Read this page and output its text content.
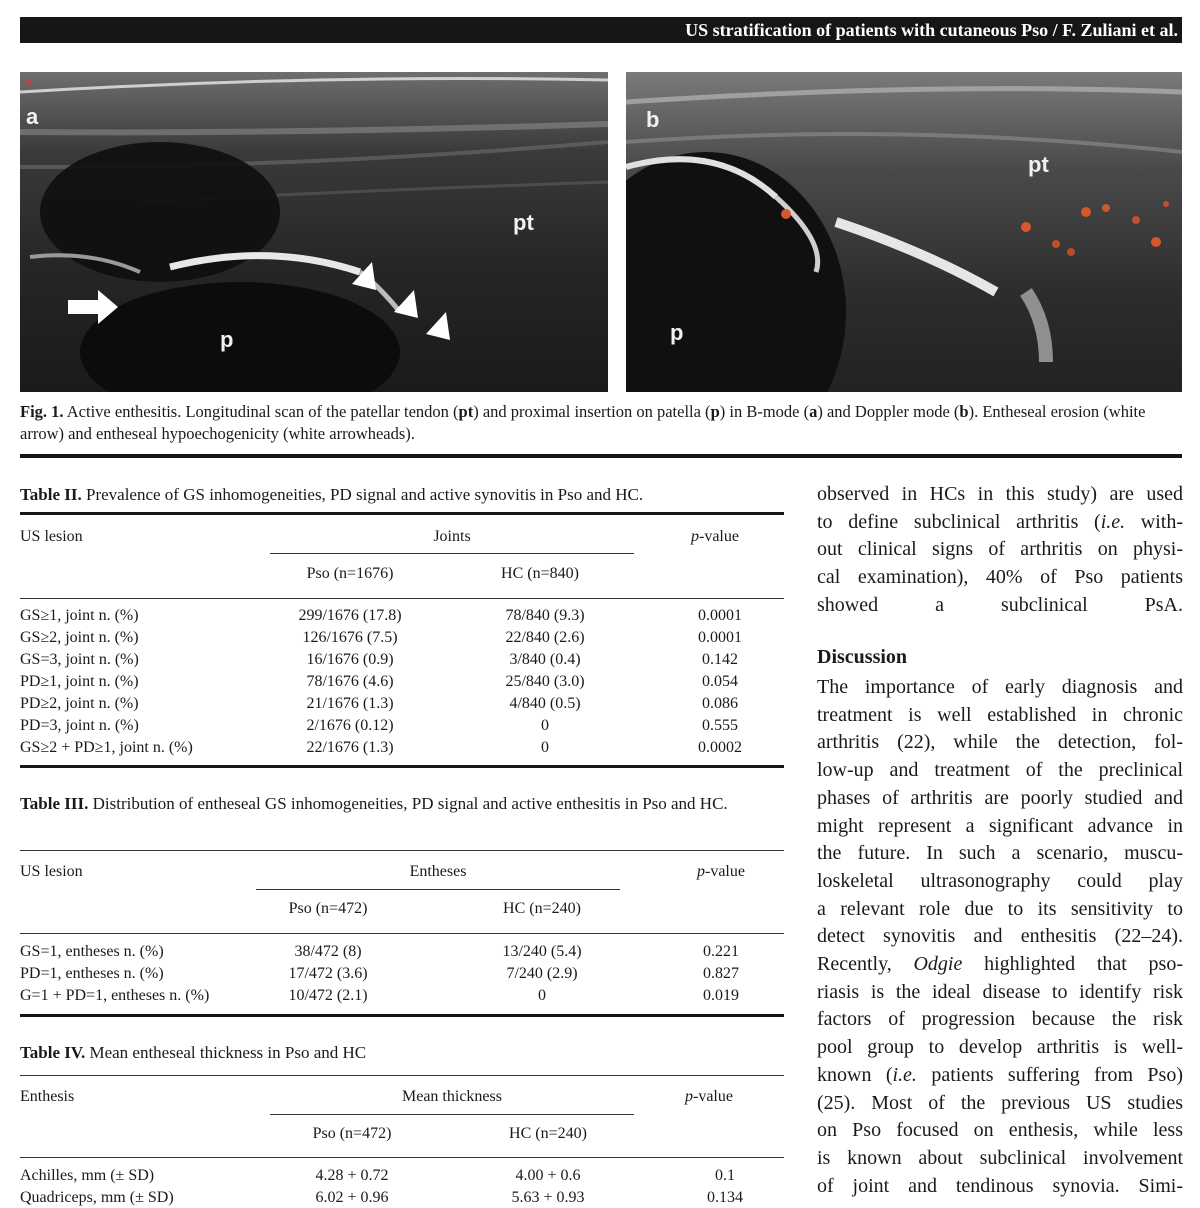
US stratification of patients with cutaneous Pso / F. Zuliani et al.
e
a
pt
p
b
pt
p
Fig. 1. Active enthesitis. Longitudinal scan of the patellar tendon (pt) and proximal insertion on patella (p) in B-mode (a) and Doppler mode (b). Entheseal erosion (white arrow) and entheseal hypoechogenicity (white arrowheads).
Table II. Prevalence of GS inhomogeneities, PD signal and active synovitis in Pso and HC.
US lesion	Joints	p-value
Pso (n=1676)	HC (n=840)
GS≥1, joint n. (%)	299/1676 (17.8)	78/840 (9.3)	0.0001
GS≥2, joint n. (%)	126/1676 (7.5)	22/840 (2.6)	0.0001
GS=3, joint n. (%)	16/1676 (0.9)	3/840 (0.4)	0.142
PD≥1, joint n. (%)	78/1676 (4.6)	25/840 (3.0)	0.054
PD≥2, joint n. (%)	21/1676 (1.3)	4/840 (0.5)	0.086
PD=3, joint n. (%)	2/1676 (0.12)	0	0.555
GS≥2 + PD≥1, joint n. (%)	22/1676 (1.3)	0	0.0002
Table III. Distribution of entheseal GS inhomogeneities, PD signal and active enthesitis in Pso and HC.
US lesion	Entheses	p-value
Pso (n=472)	HC (n=240)
GS=1, entheses n. (%)	38/472 (8)	13/240 (5.4)	0.221
PD=1, entheses n. (%)	17/472 (3.6)	7/240 (2.9)	0.827
G=1 + PD=1, entheses n. (%)	10/472 (2.1)	0	0.019
Table IV. Mean entheseal thickness in Pso and HC
Enthesis	Mean thickness	p-value
Pso (n=472)	HC (n=240)
Achilles, mm (± SD)	4.28 + 0.72	4.00 + 0.6	0.1
Quadriceps, mm (± SD)	6.02 + 0.96	5.63 + 0.93	0.134
observed in HCs in this study) are used
to define subclinical arthritis (i.e. with-
out clinical signs of arthritis on physi-
cal examination), 40% of Pso patients
showed a subclinical PsA.
Discussion
The importance of early diagnosis and
treatment is well established in chronic
arthritis (22), while the detection, fol-
low-up and treatment of the preclinical
phases of arthritis are poorly studied and
might represent a significant advance in
the future. In such a scenario, muscu-
loskeletal ultrasonography could play
a relevant role due to its sensitivity to
detect synovitis and enthesitis (22–24).
Recently, Odgie highlighted that pso-
riasis is the ideal disease to identify risk
factors of progression because the risk
pool group to develop arthritis is well-
known (i.e. patients suffering from Pso)
(25). Most of the previous US studies
on Pso focused on enthesis, while less
is known about subclinical involvement
of joint and tendinous synovia. Simi-
